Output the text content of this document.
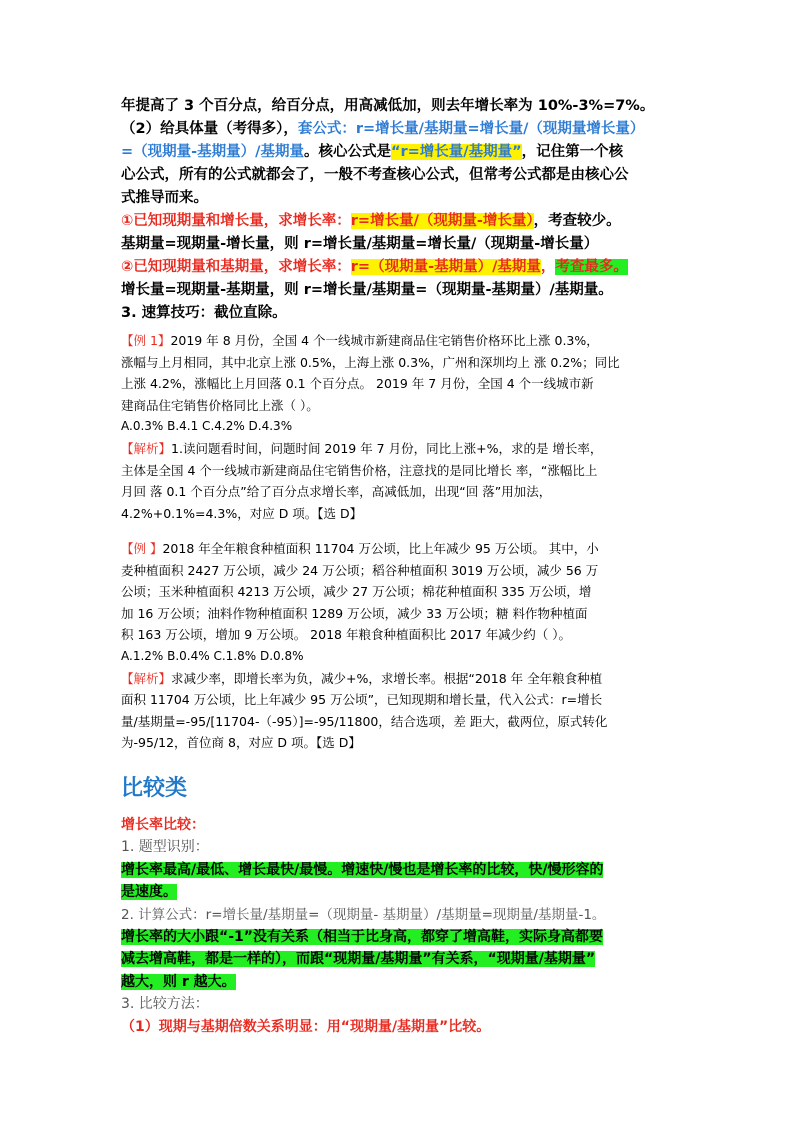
年提高了 3 个百分点，给百分点，用高减低加，则去年增长率为 10%-3%=7%。
（2）给具体量（考得多），套公式：r=增长量/基期量=增长量/（现期量增长量）
=（现期量-基期量）/基期量。核心公式是“r=增长量/基期量”，记住第一个核
心公式，所有的公式就都会了，一般不考查核心公式，但常考公式都是由核心公
式推导而来。
①已知现期量和增长量，求增长率：r=增长量/（现期量-增长量），考查较少。
基期量=现期量-增长量，则 r=增长量/基期量=增长量/（现期量-增长量）
②已知现期量和基期量，求增长率：r=（现期量-基期量）/基期量，考查最多。
增长量=现期量-基期量，则 r=增长量/基期量=（现期量-基期量）/基期量。
3. 速算技巧：截位直除。
【例 1】2019 年 8 月份，全国 4 个一线城市新建商品住宅销售价格环比上涨 0.3%，
涨幅与上月相同，其中北京上涨 0.5%，上海上涨 0.3%，广州和深圳均上 涨 0.2%；同比
上涨 4.2%，涨幅比上月回落 0.1 个百分点。 2019 年 7 月份，全国 4 个一线城市新
建商品住宅销售价格同比上涨（ ）。
A.0.3% B.4.1 C.4.2% D.4.3%
【解析】1.读问题看时间，问题时间 2019 年 7 月份，同比上涨+%，求的是 增长率，
主体是全国 4 个一线城市新建商品住宅销售价格，注意找的是同比增长 率，“涨幅比上
月回 落 0.1 个百分点”给了百分点求增长率，高减低加，出现“回 落”用加法，
4.2%+0.1%=4.3%，对应 D 项。【选 D】
【例 】2018 年全年粮食种植面积 11704 万公顷，比上年减少 95 万公顷。 其中，小
麦种植面积 2427 万公顷，减少 24 万公顷；稻谷种植面积 3019 万公顷，减少 56 万
公顷；玉米种植面积 4213 万公顷，减少 27 万公顷；棉花种植面积 335 万公顷，增
加 16 万公顷；油料作物种植面积 1289 万公顷，减少 33 万公顷；糖 料作物种植面
积 163 万公顷，增加 9 万公顷。 2018 年粮食种植面积比 2017 年减少约（ ）。
A.1.2% B.0.4% C.1.8% D.0.8%
【解析】求减少率，即增长率为负，减少+%，求增长率。根据“2018 年 全年粮食种植
面积 11704 万公顷，比上年减少 95 万公顷”，已知现期和增长量，代入公式：r=增长
量/基期量=-95/[11704-（-95）]=-95/11800，结合选项，差 距大，截两位，原式转化
为-95/12，首位商 8，对应 D 项。【选 D】
比较类
增长率比较：
1. 题型识别：
增长率最高/最低、增长最快/最慢。增速快/慢也是增长率的比较，快/慢形容的
是速度。
2. 计算公式：r=增长量/基期量=（现期量- 基期量）/基期量=现期量/基期量-1。
增长率的大小跟“-1”没有关系（相当于比身高，都穿了增高鞋，实际身高都要
减去增高鞋，都是一样的），而跟“现期量/基期量”有关系，“现期量/基期量”
越大，则 r 越大。
3. 比较方法：
（1）现期与基期倍数关系明显：用“现期量/基期量”比较。
